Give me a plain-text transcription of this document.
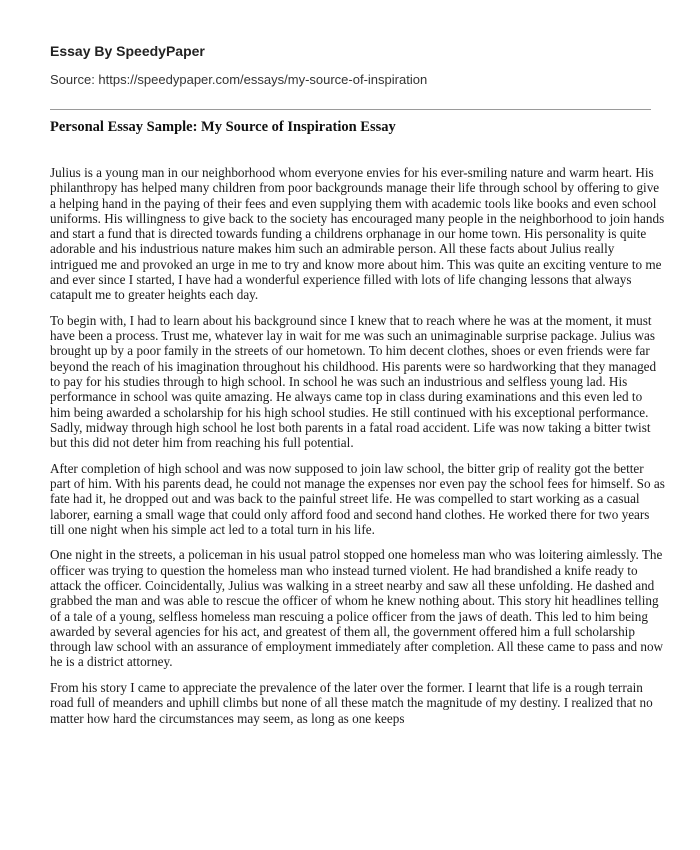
Essay By SpeedyPaper
Source: https://speedypaper.com/essays/my-source-of-inspiration
Personal Essay Sample: My Source of Inspiration Essay

Julius is a young man in our neighborhood whom everyone envies for his ever-smiling nature and warm heart. His philanthropy has helped many children from poor backgrounds manage their life through school by offering to give a helping hand in the paying of their fees and even supplying them with academic tools like books and even school uniforms. His willingness to give back to the society has encouraged many people in the neighborhood to join hands and start a fund that is directed towards funding a childrens orphanage in our home town. His personality is quite adorable and his industrious nature makes him such an admirable person. All these facts about Julius really intrigued me and provoked an urge in me to try and know more about him. This was quite an exciting venture to me and ever since I started, I have had a wonderful experience filled with lots of life changing lessons that always catapult me to greater heights each day.

To begin with, I had to learn about his background since I knew that to reach where he was at the moment, it must have been a process. Trust me, whatever lay in wait for me was such an unimaginable surprise package. Julius was brought up by a poor family in the streets of our hometown. To him decent clothes, shoes or even friends were far beyond the reach of his imagination throughout his childhood. His parents were so hardworking that they managed to pay for his studies through to high school. In school he was such an industrious and selfless young lad. His performance in school was quite amazing. He always came top in class during examinations and this even led to him being awarded a scholarship for his high school studies. He still continued with his exceptional performance. Sadly, midway through high school he lost both parents in a fatal road accident. Life was now taking a bitter twist but this did not deter him from reaching his full potential.

After completion of high school and was now supposed to join law school, the bitter grip of reality got the better part of him. With his parents dead, he could not manage the expenses nor even pay the school fees for himself. So as fate had it, he dropped out and was back to the painful street life. He was compelled to start working as a casual laborer, earning a small wage that could only afford food and second hand clothes. He worked there for two years till one night when his simple act led to a total turn in his life.

One night in the streets, a policeman in his usual patrol stopped one homeless man who was loitering aimlessly. The officer was trying to question the homeless man who instead turned violent. He had brandished a knife ready to attack the officer. Coincidentally, Julius was walking in a street nearby and saw all these unfolding. He dashed and grabbed the man and was able to rescue the officer of whom he knew nothing about. This story hit headlines telling of a tale of a young, selfless homeless man rescuing a police officer from the jaws of death. This led to him being awarded by several agencies for his act, and greatest of them all, the government offered him a full scholarship through law school with an assurance of employment immediately after completion. All these came to pass and now he is a district attorney.

From his story I came to appreciate the prevalence of the later over the former. I learnt that life is a rough terrain road full of meanders and uphill climbs but none of all these match the magnitude of my destiny. I realized that no matter how hard the circumstances may seem, as long as one keeps
